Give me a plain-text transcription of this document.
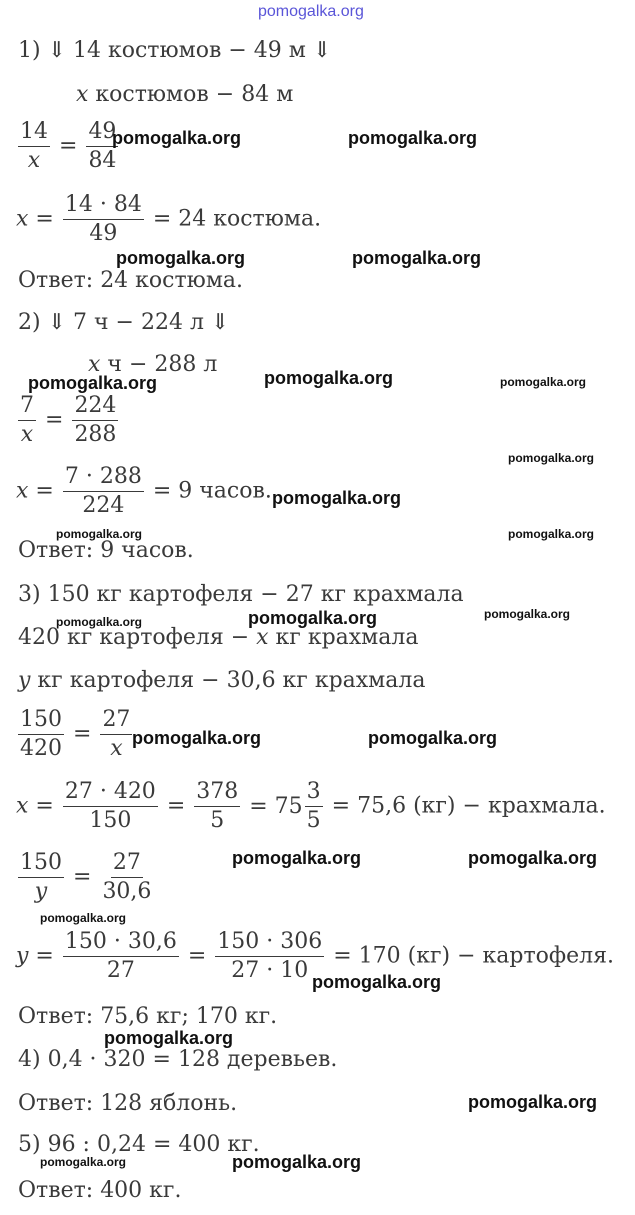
pomogalka.org
1) ⇓ 14 костюмов − 49 м ⇓
x костюмов − 84 м
$\frac{14}{x} = \frac{49}{84}$
$x = \frac{14 \cdot 84}{49} = 24$ костюма.
Ответ: 24 костюма.
2) ⇓ 7 ч − 224 л ⇓
x ч − 288 л
$\frac{7}{x} = \frac{224}{288}$
$x = \frac{7 \cdot 288}{224} = 9$ часов.
Ответ: 9 часов.
3) 150 кг картофеля − 27 кг крахмала
420 кг картофеля − x кг крахмала
y кг картофеля − 30,6 кг крахмала
$\frac{150}{420} = \frac{27}{x}$
$x = \frac{27 \cdot 420}{150} = \frac{378}{5}$
= $75 \frac{3}{5} = 75,6$ (кг) − крахмала.
$\frac{150}{y} = \frac{27}{30,6}$
$y = \frac{150 \cdot 30,6}{27} = \frac{150 \cdot 306}{27 \cdot 10} = 170$ (кг) − картофеля.
Ответ: 75,6 кг; 170 кг.
4) 0,4 · 320 = 128 деревьев.
Ответ: 128 яблонь.
5) 96 : 0,24 = 400 кг.
Ответ: 400 кг.
pomogalka.org	pomogalka.org
pomogalka.org	pomogalka.org
pomogalka.org	pomogalka.org	pomogalka.org
pomogalka.org
pomogalka.org
pomogalka.org	pomogalka.org
pomogalka.org
pomogalka.org
pomogalka.org
pomogalka.org	pomogalka.org
pomogalka.org	pomogalka.org
pomogalka.org
pomogalka.org
pomogalka.org
pomogalka.org
pomogalka.org	pomogalka.org
